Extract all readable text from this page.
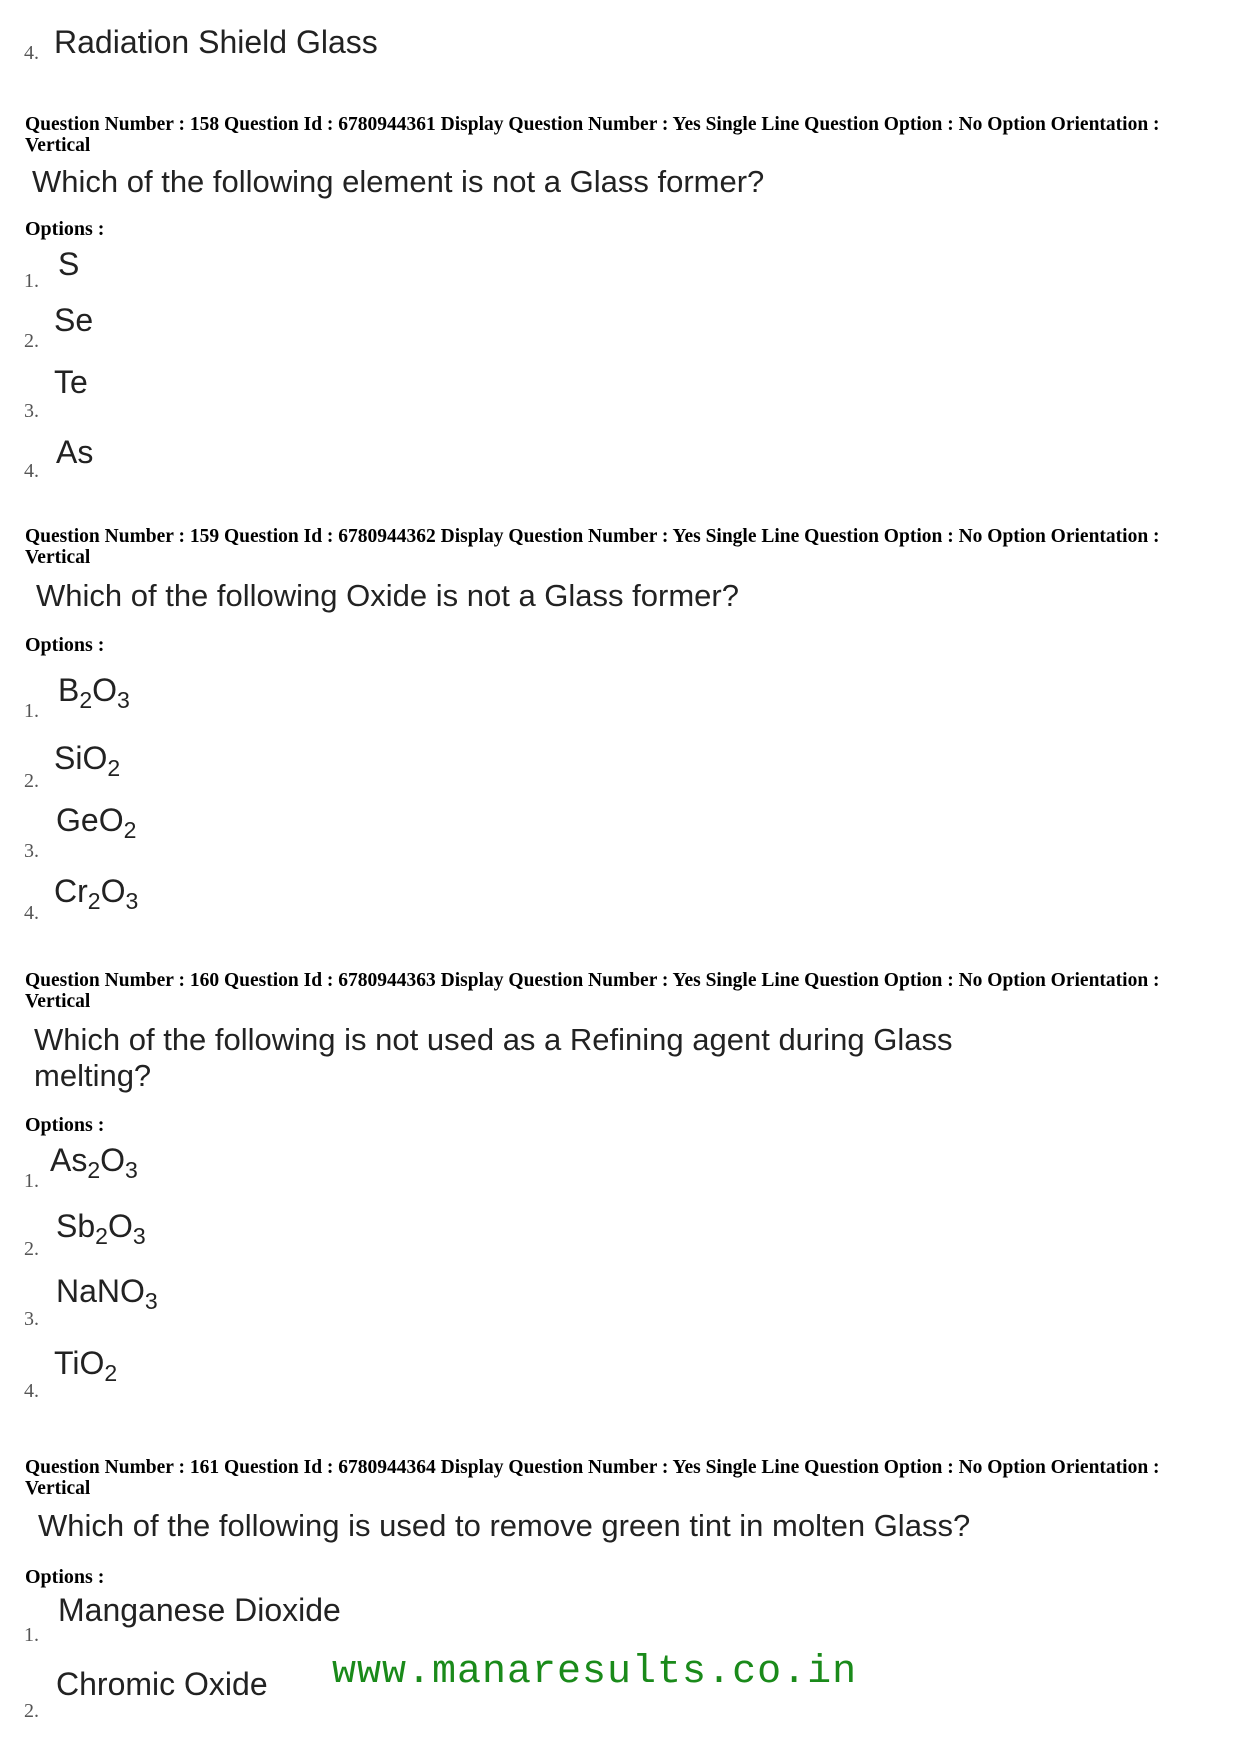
4. Radiation Shield Glass
Question Number : 158 Question Id : 6780944361 Display Question Number : Yes Single Line Question Option : No Option Orientation : Vertical
Which of the following element is not a Glass former?
Options :
1. S
2.
Se
3.
Te
4.
As
Question Number : 159 Question Id : 6780944362 Display Question Number : Yes Single Line Question Option : No Option Orientation : Vertical
Which of the following Oxide is not a Glass former?
Options :
1.
$B_2O_3$
2.
SiO$_2$
3.
GeO$_2$
4.
$Cr_2O_3$
Question Number : 160 Question Id : 6780944363 Display Question Number : Yes Single Line Question Option : No Option Orientation : Vertical
Which of the following is not used as a Refining agent during Glass
melting?
Options :
1.
$As_2O_3$
2.
$Sb_2O_3$
3.
NaNO$_3$
4.
TiO$_2$
Question Number : 161 Question Id : 6780944364 Display Question Number : Yes Single Line Question Option : No Option Orientation : Vertical
Which of the following is used to remove green tint in molten Glass?
Options :
1.
Manganese Dioxide
2.
Chromic Oxide www.manaresults.co.in
